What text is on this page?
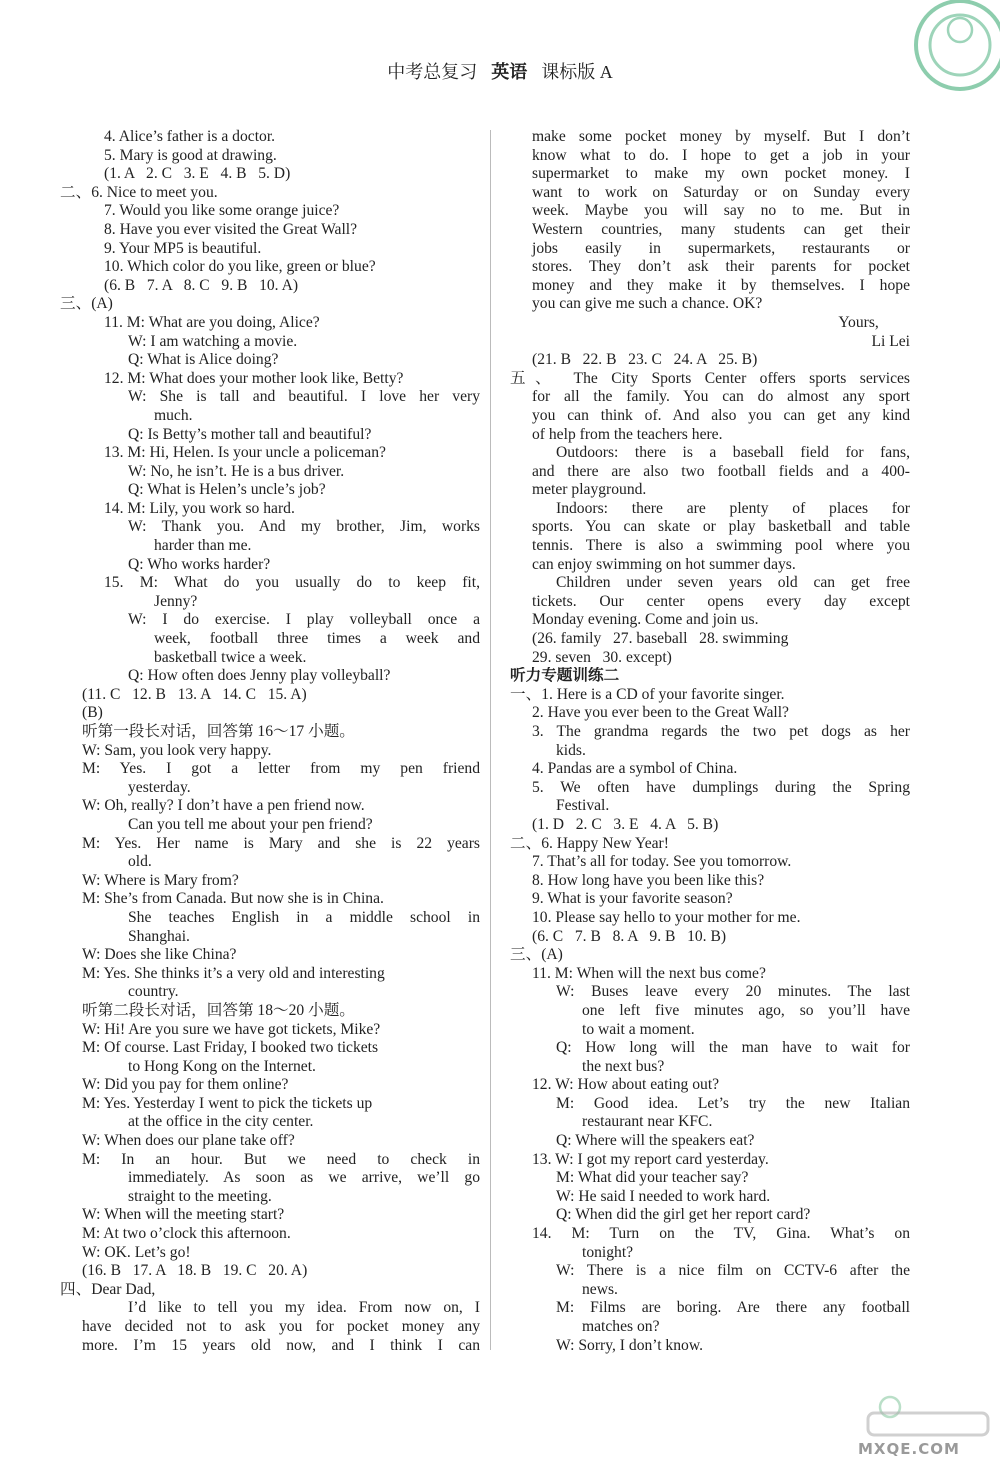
中考总复习 英语 课标版 A
4. Alice’s father is a doctor.
5. Mary is good at drawing.
(1. A   2. C   3. E   4. B   5. D)
二、6. Nice to meet you.
7. Would you like some orange juice?
8. Have you ever visited the Great Wall?
9. Your MP5 is beautiful.
10. Which color do you like, green or blue?
(6. B   7. A   8. C   9. B   10. A)
三、(A)
11. M: What are you doing, Alice?
W: I am watching a movie.
Q: What is Alice doing?
12. M: What does your mother look like, Betty?
W: She is tall and beautiful. I love her very
much.
Q: Is Betty’s mother tall and beautiful?
13. M: Hi, Helen. Is your uncle a policeman?
W: No, he isn’t. He is a bus driver.
Q: What is Helen’s uncle’s job?
14. M: Lily, you work so hard.
W: Thank you. And my brother, Jim, works
harder than me.
Q: Who works harder?
15. M: What do you usually do to keep fit,
Jenny?
W: I do exercise. I play volleyball once a
week, football three times a week and
basketball twice a week.
Q: How often does Jenny play volleyball?
(11. C   12. B   13. A   14. C   15. A)
(B)
听第一段长对话，回答第 16～17 小题。
W: Sam, you look very happy.
M: Yes. I got a letter from my pen friend
yesterday.
W: Oh, really? I don’t have a pen friend now.
Can you tell me about your pen friend?
M: Yes. Her name is Mary and she is 22 years
old.
W: Where is Mary from?
M: She’s from Canada. But now she is in China.
She teaches English in a middle school in
Shanghai.
W: Does she like China?
M: Yes. She thinks it’s a very old and interesting
country.
听第二段长对话，回答第 18～20 小题。
W: Hi! Are you sure we have got tickets, Mike?
M: Of course. Last Friday, I booked two tickets
to Hong Kong on the Internet.
W: Did you pay for them online?
M: Yes. Yesterday I went to pick the tickets up
at the office in the city center.
W: When does our plane take off?
M: In an hour. But we need to check in
immediately. As soon as we arrive, we’ll go
straight to the meeting.
W: When will the meeting start?
M: At two o’clock this afternoon.
W: OK. Let’s go!
(16. B   17. A   18. B   19. C   20. A)
四、Dear Dad,
I’d like to tell you my idea. From now on, I
have decided not to ask you for pocket money any
more. I’m 15 years old now, and I think I can
make some pocket money by myself. But I don’t
know what to do. I hope to get a job in your
supermarket to make my own pocket money. I
want to work on Saturday or on Sunday every
week. Maybe you will say no to me. But in
Western countries, many students can get their
jobs easily in supermarkets, restaurants or
stores. They don’t ask their parents for pocket
money and they make it by themselves. I hope
you can give me such a chance. OK?
Yours,
Li Lei
(21. B   22. B   23. C   24. A   25. B)
五、 The City Sports Center offers sports services
for all the family. You can do almost any sport
you can think of. And also you can get any kind
of help from the teachers here.
Outdoors: there is a baseball field for fans,
and there are also two football fields and a 400-
meter playground.
Indoors: there are plenty of places for
sports. You can skate or play basketball and table
tennis. There is also a swimming pool where you
can enjoy swimming on hot summer days.
Children under seven years old can get free
tickets. Our center opens every day except
Monday evening. Come and join us.
(26. family   27. baseball   28. swimming
29. seven   30. except)
听力专题训练二
一、1. Here is a CD of your favorite singer.
2. Have you ever been to the Great Wall?
3. The grandma regards the two pet dogs as her
kids.
4. Pandas are a symbol of China.
5. We often have dumplings during the Spring
Festival.
(1. D   2. C   3. E   4. A   5. B)
二、6. Happy New Year!
7. That’s all for today. See you tomorrow.
8. How long have you been like this?
9. What is your favorite season?
10. Please say hello to your mother for me.
(6. C   7. B   8. A   9. B   10. B)
三、(A)
11. M: When will the next bus come?
W: Buses leave every 20 minutes. The last
one left five minutes ago, so you’ll have
to wait a moment.
Q: How long will the man have to wait for
the next bus?
12. W: How about eating out?
M: Good idea. Let’s try the new Italian
restaurant near KFC.
Q: Where will the speakers eat?
13. W: I got my report card yesterday.
M: What did your teacher say?
W: He said I needed to work hard.
Q: When did the girl get her report card?
14. M: Turn on the TV, Gina. What’s on
tonight?
W: There is a nice film on CCTV-6 after the
news.
M: Films are boring. Are there any football
matches on?
W: Sorry, I don’t know.
MXQE.COM
